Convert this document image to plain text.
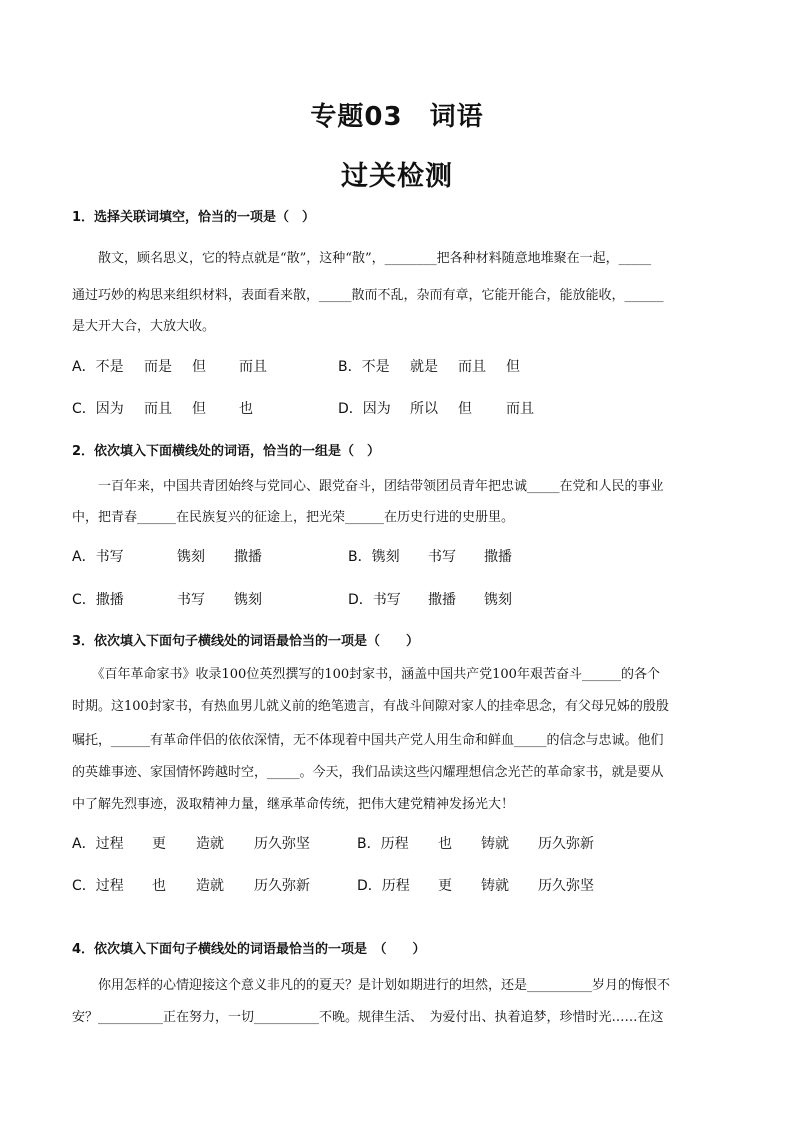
专题03　词语
过关检测
1．选择关联词填空，恰当的一项是（　）
　　散文，顾名思义，它的特点就是“散”，这种“散”，________把各种材料随意地堆聚在一起，_____
通过巧妙的构思来组织材料，表面看来散，_____散而不乱，杂而有章，它能开能合，能放能收，______
是大开大合，大放大收。
A．不是 而是 但 而且	B．不是 就是 而且 但
C．因为 而且 但 也	D．因为 所以 但 而且
2．依次填入下面横线处的词语，恰当的一组是（　）
　　一百年来，中国共青团始终与党同心、跟党奋斗，团结带领团员青年把忠诚_____在党和人民的事业
中，把青春______在民族复兴的征途上，把光荣______在历史行进的史册里。
A．书写	镌刻 撒播	B．镌刻 书写 撒播
C．撒播	书写 镌刻	D．书写 撒播 镌刻
3．依次填入下面句子横线处的词语最恰当的一项是（　　）
　　《百年革命家书》收录100位英烈撰写的100封家书，涵盖中国共产党100年艰苦奋斗______的各个
时期。这100封家书，有热血男儿就义前的绝笔遗言，有战斗间隙对家人的挂牵思念，有父母兄姊的殷殷
嘱托，______有革命伴侣的依依深情，无不体现着中国共产党人用生命和鲜血_____的信念与忠诚。他们
的英雄事迹、家国情怀跨越时空，_____。今天，我们品读这些闪耀理想信念光芒的革命家书，就是要从
中了解先烈事迹，汲取精神力量，继承革命传统，把伟大建党精神发扬光大！
A．过程 更 造就 历久弥坚	B．历程 也 铸就 历久弥新
C．过程 也 造就 历久弥新	D．历程 更 铸就 历久弥坚
4．依次填入下面句子横线处的词语最恰当的一项是　（　　）
　　你用怎样的心情迎接这个意义非凡的的夏天？是计划如期进行的坦然，还是__________岁月的悔恨不
安？__________正在努力，一切__________不晚。规律生活、　为爱付出、执着追梦，珍惜时光……在这
